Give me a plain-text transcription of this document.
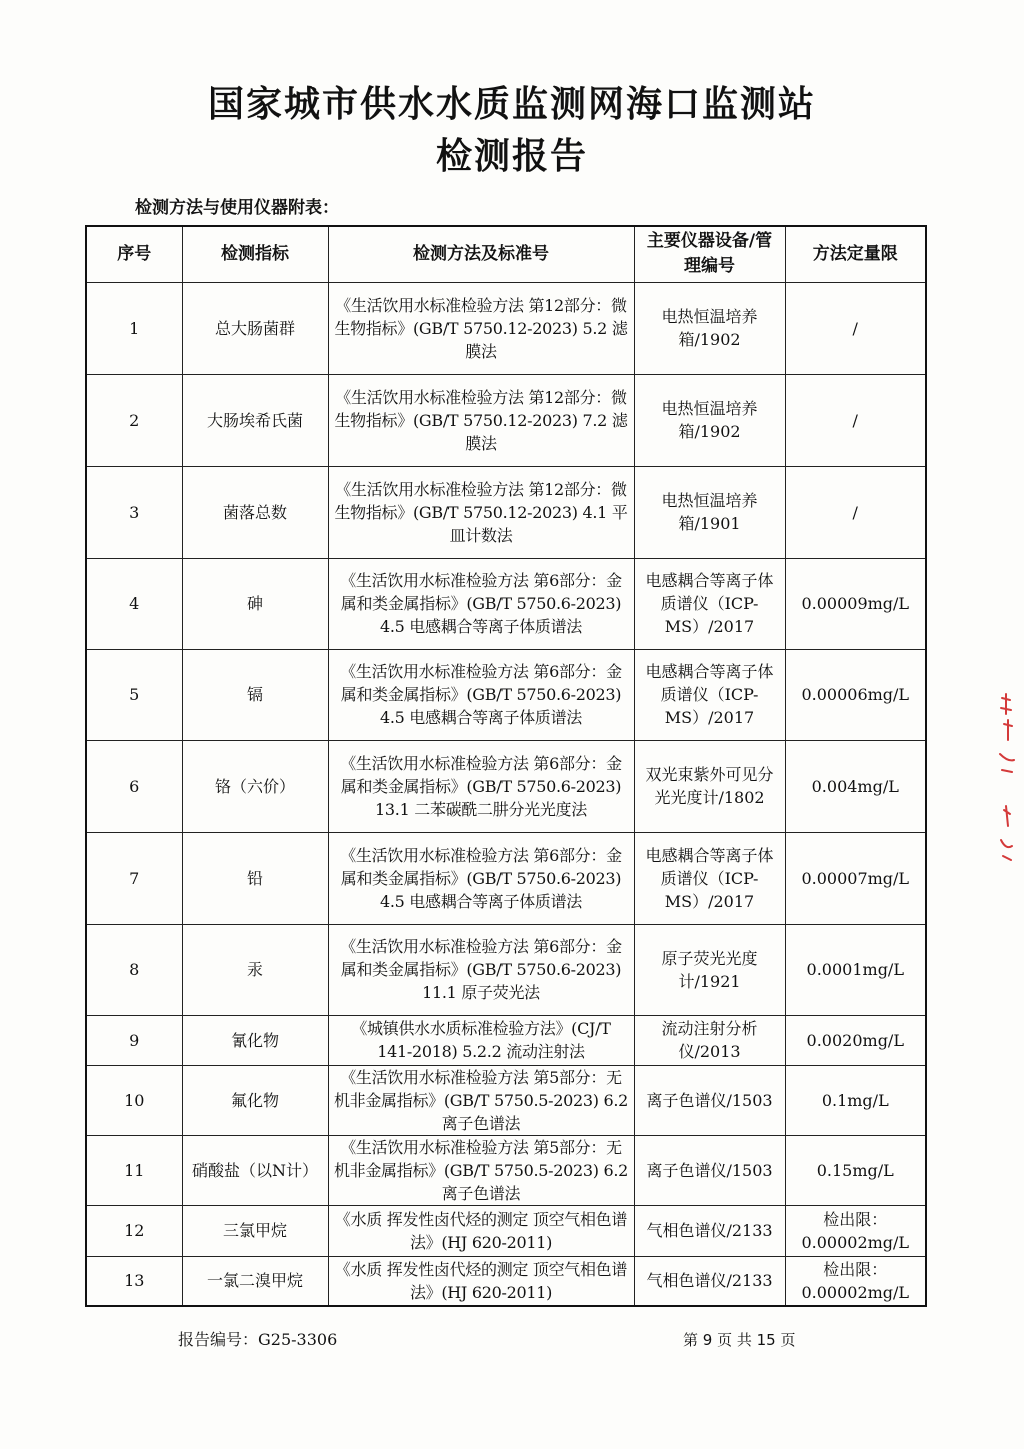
国家城市供水水质监测网海口监测站
检测报告
检测方法与使用仪器附表：
序号	检测指标	检测方法及标准号	主要仪器设备/管理编号	方法定量限
1	总大肠菌群	《生活饮用水标准检验方法 第12部分：微生物指标》(GB/T 5750.12-2023) 5.2 滤膜法	电热恒温培养箱/1902	/
2	大肠埃希氏菌	《生活饮用水标准检验方法 第12部分：微生物指标》(GB/T 5750.12-2023) 7.2 滤膜法	电热恒温培养箱/1902	/
3	菌落总数	《生活饮用水标准检验方法 第12部分：微生物指标》(GB/T 5750.12-2023) 4.1 平皿计数法	电热恒温培养箱/1901	/
4	砷	《生活饮用水标准检验方法 第6部分：金属和类金属指标》(GB/T 5750.6-2023) 4.5 电感耦合等离子体质谱法	电感耦合等离子体质谱仪（ICP-MS）/2017	0.00009mg/L
5	镉	《生活饮用水标准检验方法 第6部分：金属和类金属指标》(GB/T 5750.6-2023) 4.5 电感耦合等离子体质谱法	电感耦合等离子体质谱仪（ICP-MS）/2017	0.00006mg/L
6	铬（六价）	《生活饮用水标准检验方法 第6部分：金属和类金属指标》(GB/T 5750.6-2023) 13.1 二苯碳酰二肼分光光度法	双光束紫外可见分光光度计/1802	0.004mg/L
7	铅	《生活饮用水标准检验方法 第6部分：金属和类金属指标》(GB/T 5750.6-2023) 4.5 电感耦合等离子体质谱法	电感耦合等离子体质谱仪（ICP-MS）/2017	0.00007mg/L
8	汞	《生活饮用水标准检验方法 第6部分：金属和类金属指标》(GB/T 5750.6-2023) 11.1 原子荧光法	原子荧光光度计/1921	0.0001mg/L
9	氰化物	《城镇供水水质标准检验方法》(CJ/T 141-2018) 5.2.2 流动注射法	流动注射分析仪/2013	0.0020mg/L
10	氟化物	《生活饮用水标准检验方法 第5部分：无机非金属指标》(GB/T 5750.5-2023) 6.2 离子色谱法	离子色谱仪/1503	0.1mg/L
11	硝酸盐（以N计）	《生活饮用水标准检验方法 第5部分：无机非金属指标》(GB/T 5750.5-2023) 6.2 离子色谱法	离子色谱仪/1503	0.15mg/L
12	三氯甲烷	《水质 挥发性卤代烃的测定 顶空气相色谱法》(HJ 620-2011)	气相色谱仪/2133	检出限：0.00002mg/L
13	一氯二溴甲烷	《水质 挥发性卤代烃的测定 顶空气相色谱法》(HJ 620-2011)	气相色谱仪/2133	检出限：0.00002mg/L
报告编号：G25-3306	第 9 页 共 15 页
